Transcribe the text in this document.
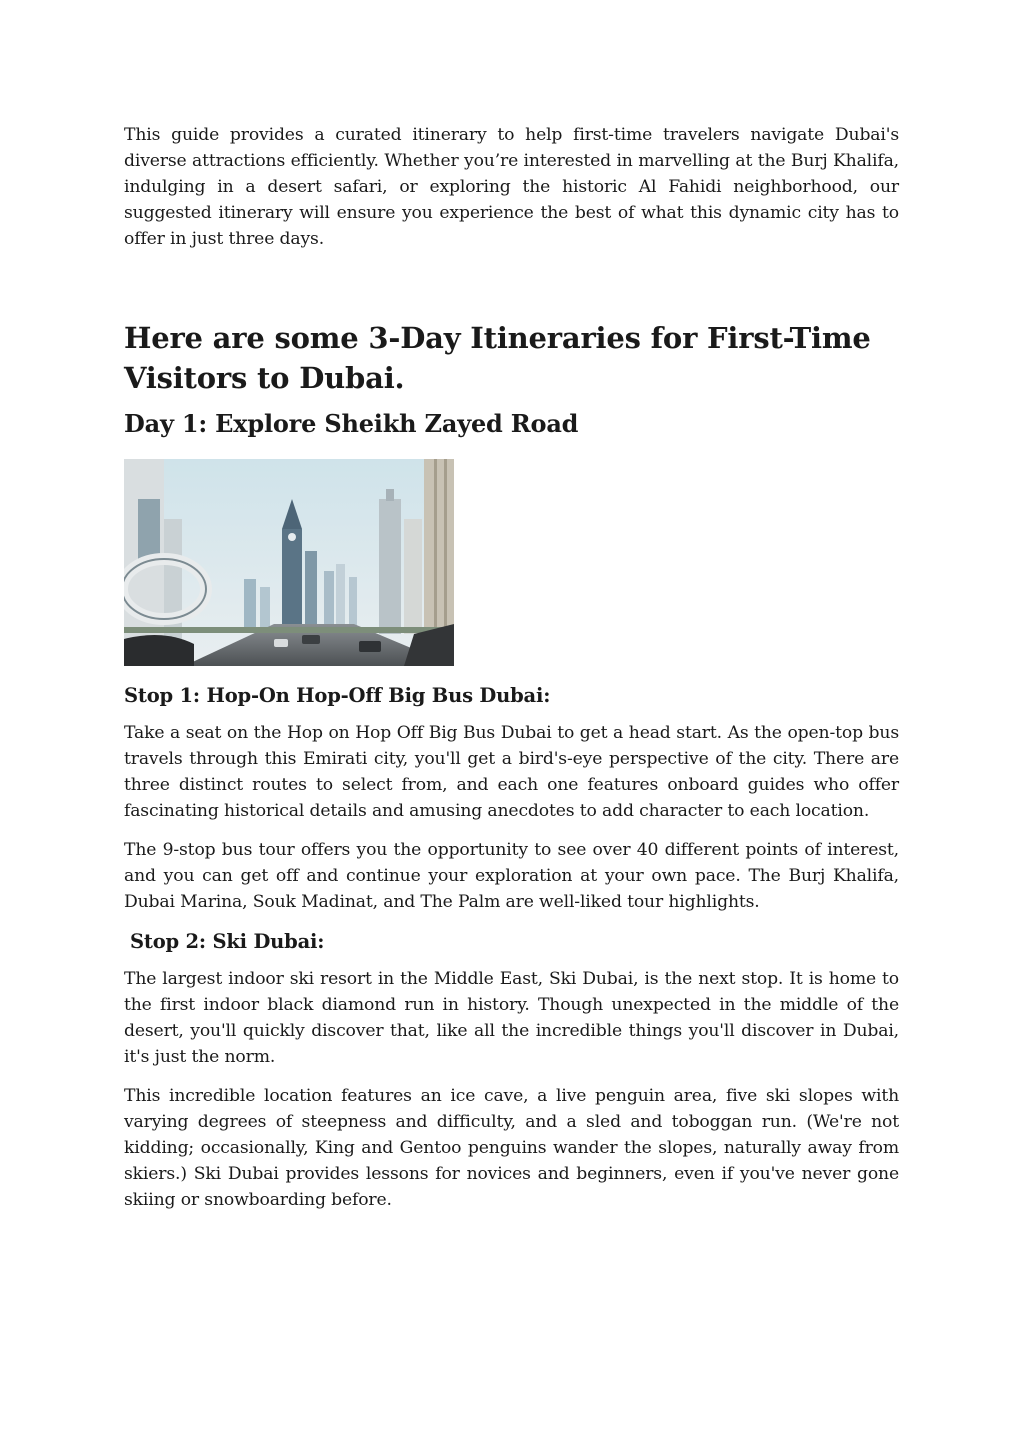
This guide provides a curated itinerary to help first-time travelers navigate Dubai's diverse attractions efficiently. Whether you’re interested in marvelling at the Burj Khalifa, indulging in a desert safari, or exploring the historic Al Fahidi neighborhood, our suggested itinerary will ensure you experience the best of what this dynamic city has to offer in just three days.

Here are some 3-Day Itineraries for First-Time Visitors to Dubai.
Day 1: Explore Sheikh Zayed Road
Stop 1: Hop-On Hop-Off Big Bus Dubai:

Take a seat on the Hop on Hop Off Big Bus Dubai to get a head start. As the open-top bus travels through this Emirati city, you'll get a bird's-eye perspective of the city. There are three distinct routes to select from, and each one features onboard guides who offer fascinating historical details and amusing anecdotes to add character to each location.

The 9-stop bus tour offers you the opportunity to see over 40 different points of interest, and you can get off and continue your exploration at your own pace. The Burj Khalifa, Dubai Marina, Souk Madinat, and The Palm are well-liked tour highlights.

Stop 2: Ski Dubai:

The largest indoor ski resort in the Middle East, Ski Dubai, is the next stop. It is home to the first indoor black diamond run in history. Though unexpected in the middle of the desert, you'll quickly discover that, like all the incredible things you'll discover in Dubai, it's just the norm.

This incredible location features an ice cave, a live penguin area, five ski slopes with varying degrees of steepness and difficulty, and a sled and toboggan run. (We're not kidding; occasionally, King and Gentoo penguins wander the slopes, naturally away from skiers.) Ski Dubai provides lessons for novices and beginners, even if you've never gone skiing or snowboarding before.
